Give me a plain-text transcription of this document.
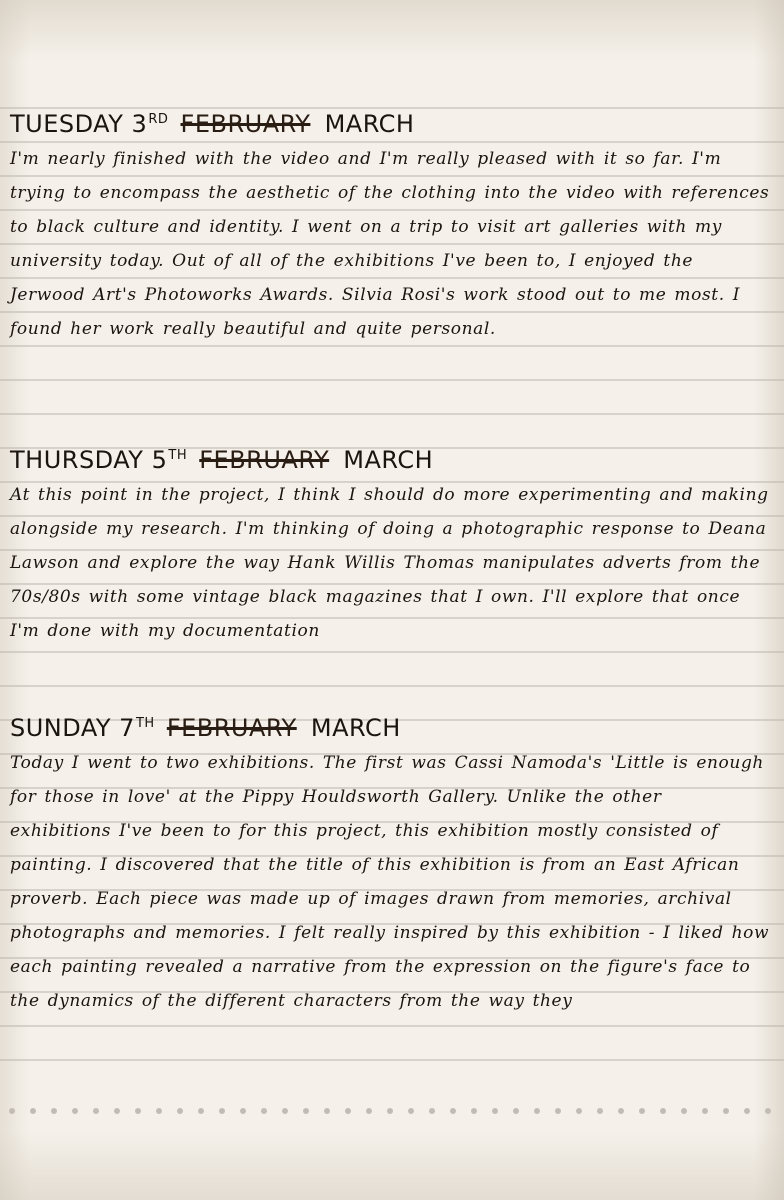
TUESDAY 3RD FEBRUARY MARCH
I'm nearly finished with the video and I'm really pleased with it so far. I'm trying to encompass the aesthetic of the clothing into the video with references to black culture and identity. I went on a trip to visit art galleries with my university today. Out of all of the exhibitions I've been to, I enjoyed the Jerwood Art's Photoworks Awards. Silvia Rosi's work stood out to me most. I found her work really beautiful and quite personal.
THURSDAY 5TH FEBRUARY MARCH
At this point in the project, I think I should do more experimenting and making alongside my research. I'm thinking of doing a photographic response to Deana Lawson and explore the way Hank Willis Thomas manipulates adverts from the 70s/80s with some vintage black magazines that I own. I'll explore that once I'm done with my documentation
SUNDAY 7TH FEBRUARY MARCH
Today I went to two exhibitions. The first was Cassi Namoda's 'Little is enough for those in love' at the Pippy Houldsworth Gallery. Unlike the other exhibitions I've been to for this project, this exhibition mostly consisted of painting. I discovered that the title of this exhibition is from an East African proverb. Each piece was made up of images drawn from memories, archival photographs and memories. I felt really inspired by this exhibition - I liked how each painting revealed a narrative from the expression on the figure's face to the dynamics of the different characters from the way they
